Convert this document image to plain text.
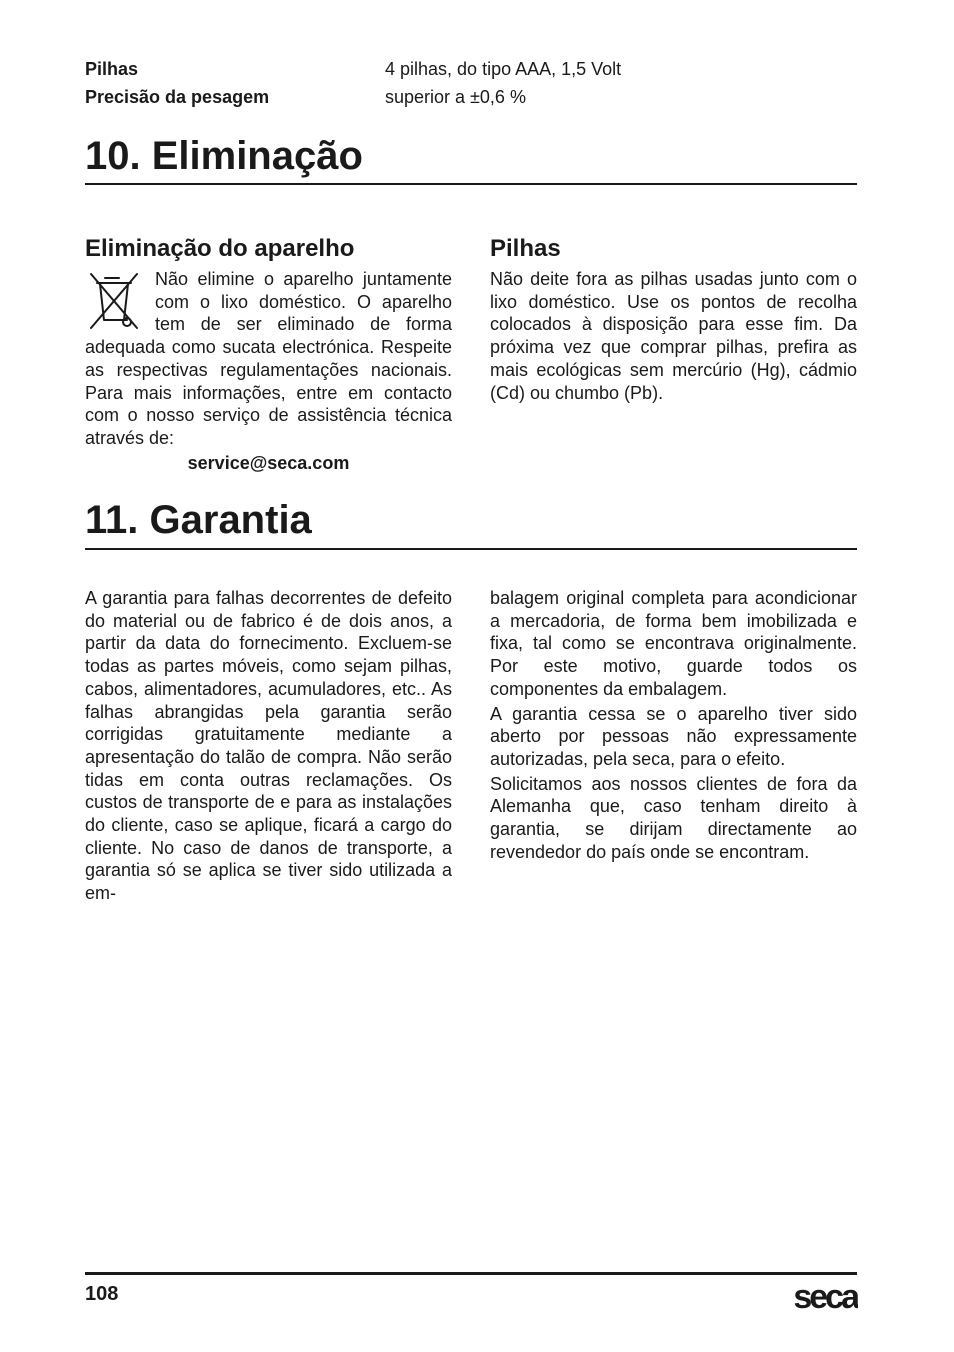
Pilhas	4 pilhas, do tipo AAA, 1,5 Volt
Precisão da pesagem	superior a ±0,6 %
10. Eliminação
Eliminação do aparelho
Não elimine o aparelho juntamente com o lixo doméstico. O aparelho tem de ser eliminado de forma adequada como sucata electrónica. Respeite as respectivas regulamentações nacionais. Para mais informações, entre em contacto com o nosso serviço de assistência técnica através de:
service@seca.com
Pilhas

Não deite fora as pilhas usadas junto com o lixo doméstico. Use os pontos de recolha colocados à disposição para esse fim. Da próxima vez que comprar pilhas, prefira as mais ecológicas sem mercúrio (Hg), cádmio (Cd) ou chumbo (Pb).

11. Garantia

A garantia para falhas decorrentes de defeito do material ou de fabrico é de dois anos, a partir da data do fornecimento. Excluem-se todas as partes móveis, como sejam pilhas, cabos, alimentadores, acumuladores, etc.. As falhas abrangidas pela garantia serão corrigidas gratuitamente mediante a apresentação do talão de compra. Não serão tidas em conta outras reclamações. Os custos de transporte de e para as instalações do cliente, caso se aplique, ficará a cargo do cliente. No caso de danos de transporte, a garantia só se aplica se tiver sido utilizada a em-

balagem original completa para acondicionar a mercadoria, de forma bem imobilizada e fixa, tal como se encontrava originalmente. Por este motivo, guarde todos os componentes da embalagem.

A garantia cessa se o aparelho tiver sido aberto por pessoas não expressamente autorizadas, pela seca, para o efeito.

Solicitamos aos nossos clientes de fora da Alemanha que, caso tenham direito à garantia, se dirijam directamente ao revendedor do país onde se encontram.

108	seca
